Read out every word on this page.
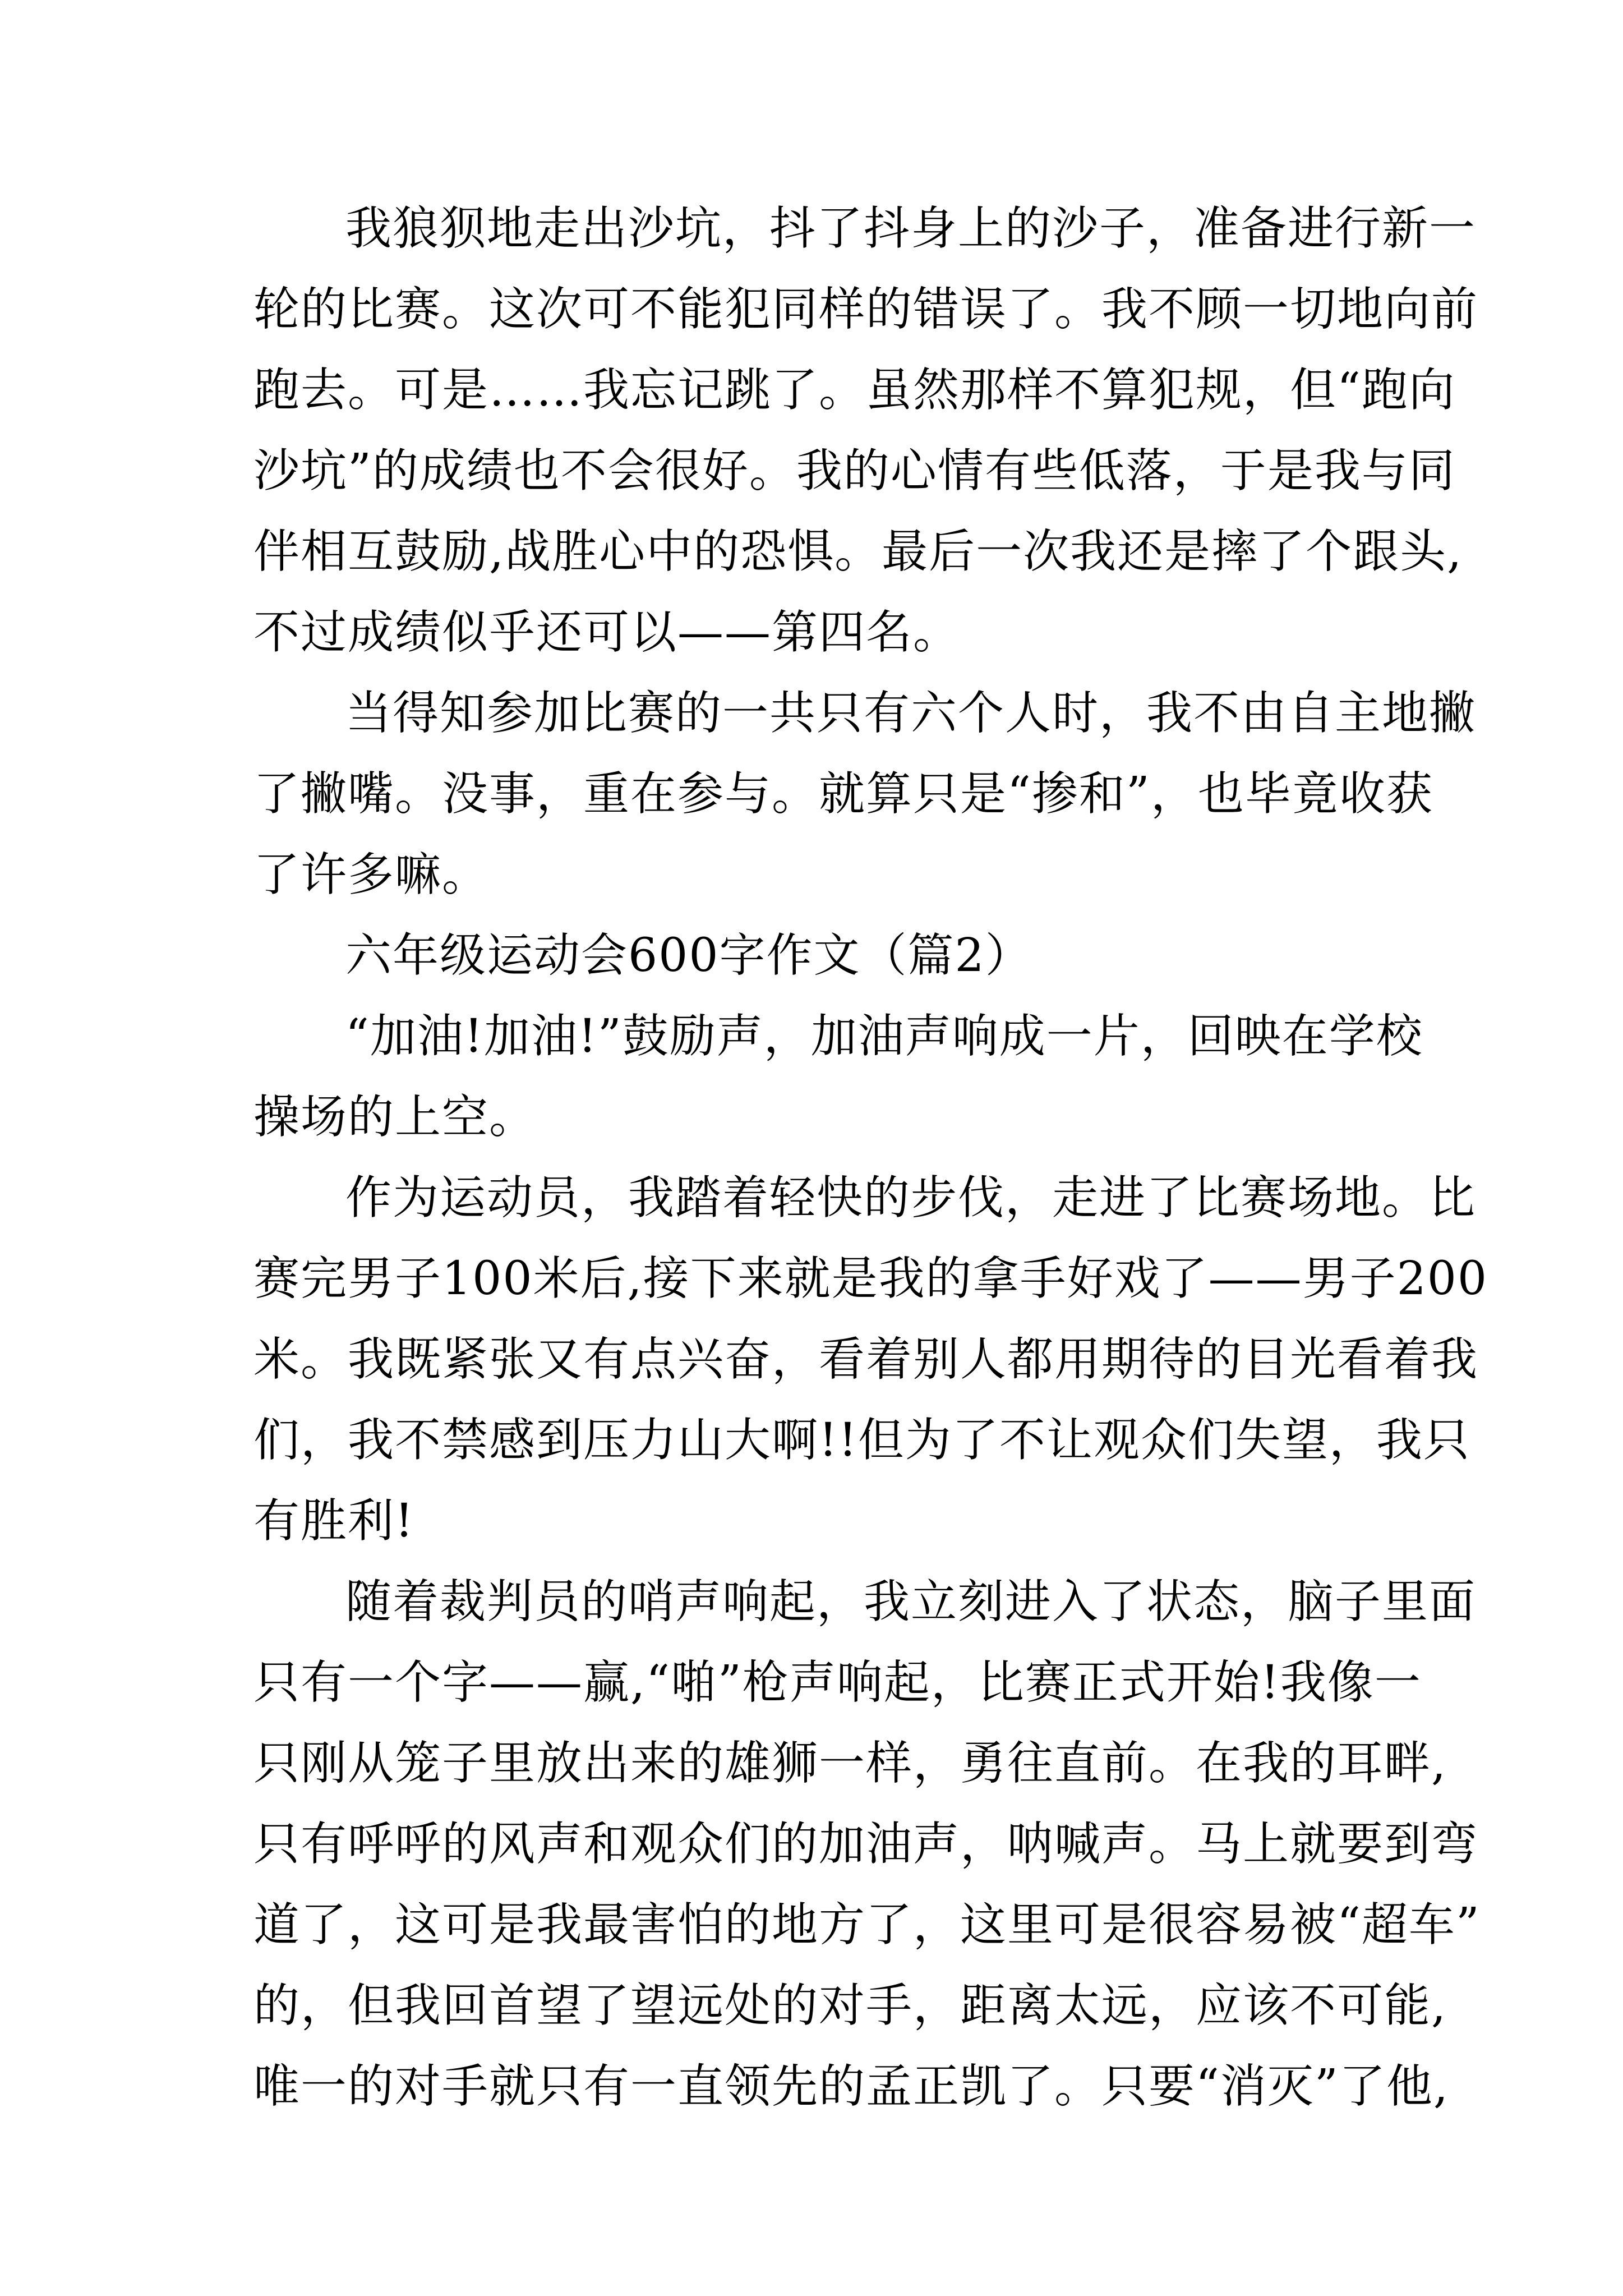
我狼狈地走出沙坑，抖了抖身上的沙子，准备进行新一
轮的比赛。这次可不能犯同样的错误了。我不顾一切地向前
跑去。可是……我忘记跳了。虽然那样不算犯规，但“跑向
沙坑”的成绩也不会很好。我的心情有些低落，于是我与同
伴相互鼓励,战胜心中的恐惧。最后一次我还是摔了个跟头,
不过成绩似乎还可以——第四名。
当得知参加比赛的一共只有六个人时，我不由自主地撇
了撇嘴。没事，重在参与。就算只是“掺和”，也毕竟收获
了许多嘛。
六年级运动会600字作文（篇2）
“加油!加油!”鼓励声，加油声响成一片，回映在学校
操场的上空。
作为运动员，我踏着轻快的步伐，走进了比赛场地。比
赛完男子100米后,接下来就是我的拿手好戏了——男子200
米。我既紧张又有点兴奋，看着别人都用期待的目光看着我
们，我不禁感到压力山大啊!!但为了不让观众们失望，我只
有胜利!
随着裁判员的哨声响起，我立刻进入了状态，脑子里面
只有一个字——赢,“啪”枪声响起，比赛正式开始!我像一
只刚从笼子里放出来的雄狮一样，勇往直前。在我的耳畔,
只有呼呼的风声和观众们的加油声，呐喊声。马上就要到弯
道了，这可是我最害怕的地方了，这里可是很容易被“超车”
的，但我回首望了望远处的对手，距离太远，应该不可能,
唯一的对手就只有一直领先的孟正凯了。只要“消灭”了他,
